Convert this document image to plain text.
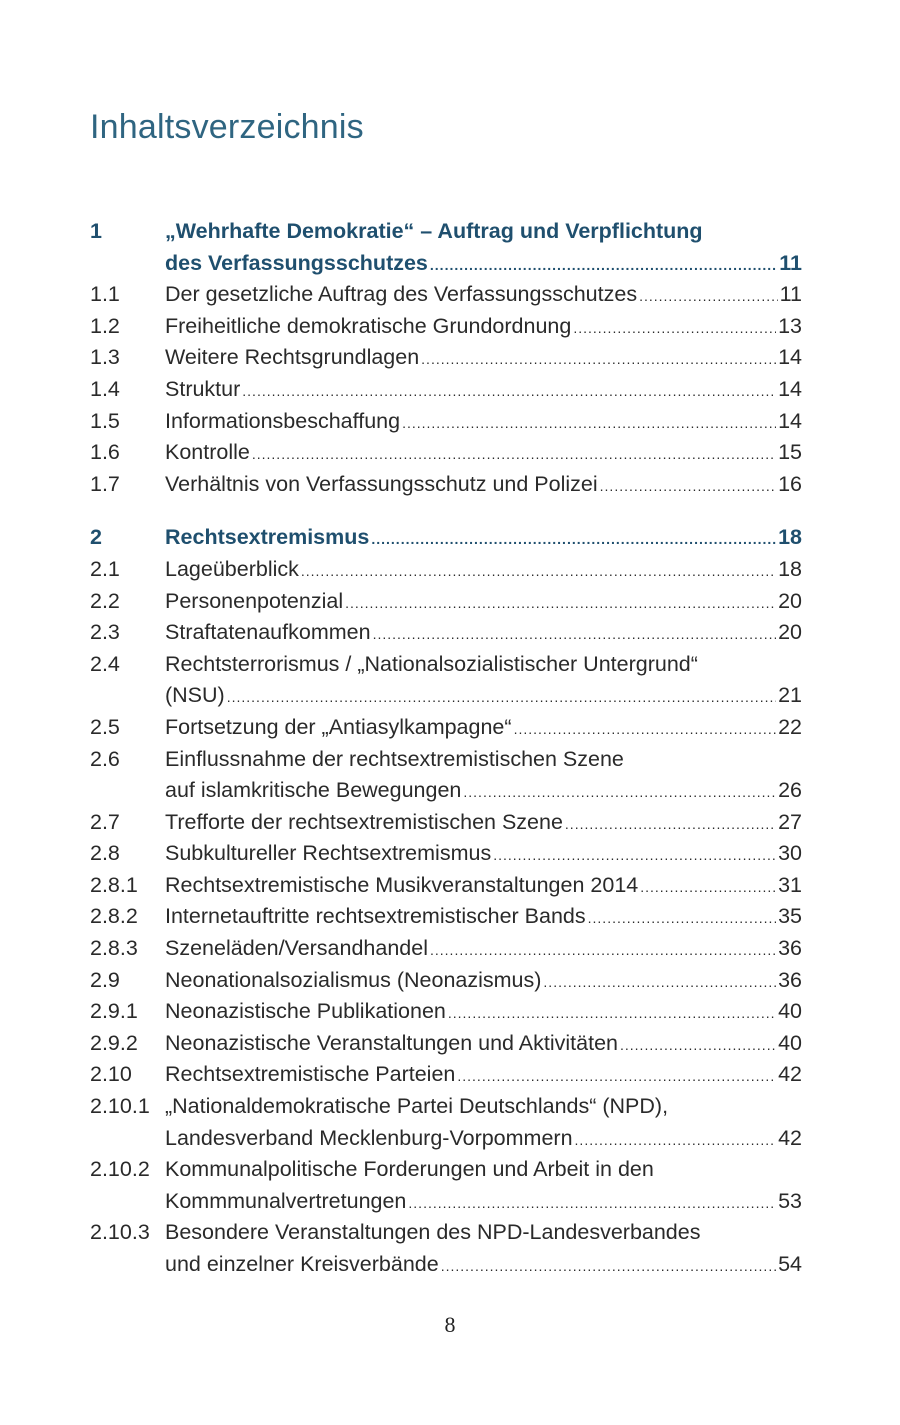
Inhaltsverzeichnis
1	„Wehrhafte Demokratie“ – Auftrag und Verpflichtung
des Verfassungsschutzes .....	11
1.1	Der gesetzliche Auftrag des Verfassungsschutzes .....	11
1.2	Freiheitliche demokratische Grundordnung .....	13
1.3	Weitere Rechtsgrundlagen .....	14
1.4	Struktur .....	14
1.5	Informationsbeschaffung .....	14
1.6	Kontrolle .....	15
1.7	Verhältnis von Verfassungsschutz und Polizei .....	16
2	Rechtsextremismus .....	18
2.1	Lageüberblick .....	18
2.2	Personenpotenzial .....	20
2.3	Straftatenaufkommen .....	20
2.4	Rechtsterrorismus / „Nationalsozialistischer Untergrund“
(NSU) .....	21
2.5	Fortsetzung der „Antiasylkampagne“ .....	22
2.6	Einflussnahme der rechtsextremistischen Szene
auf islamkritische Bewegungen .....	26
2.7	Trefforte der rechtsextremistischen Szene .....	27
2.8	Subkultureller Rechtsextremismus .....	30
2.8.1	Rechtsextremistische Musikveranstaltungen 2014 .....	31
2.8.2	Internetauftritte rechtsextremistischer Bands .....	35
2.8.3	Szeneläden/Versandhandel .....	36
2.9	Neonationalsozialismus (Neonazismus) .....	36
2.9.1	Neonazistische Publikationen .....	40
2.9.2	Neonazistische Veranstaltungen und Aktivitäten .....	40
2.10	Rechtsextremistische Parteien .....	42
2.10.1 „Nationaldemokratische Partei Deutschlands“ (NPD),
Landesverband Mecklenburg-Vorpommern .....	42
2.10.2 Kommunalpolitische Forderungen und Arbeit in den
Kommmunalvertretungen .....	53
2.10.3 Besondere Veranstaltungen des NPD-Landesverbandes
und einzelner Kreisverbände .....	54
8
